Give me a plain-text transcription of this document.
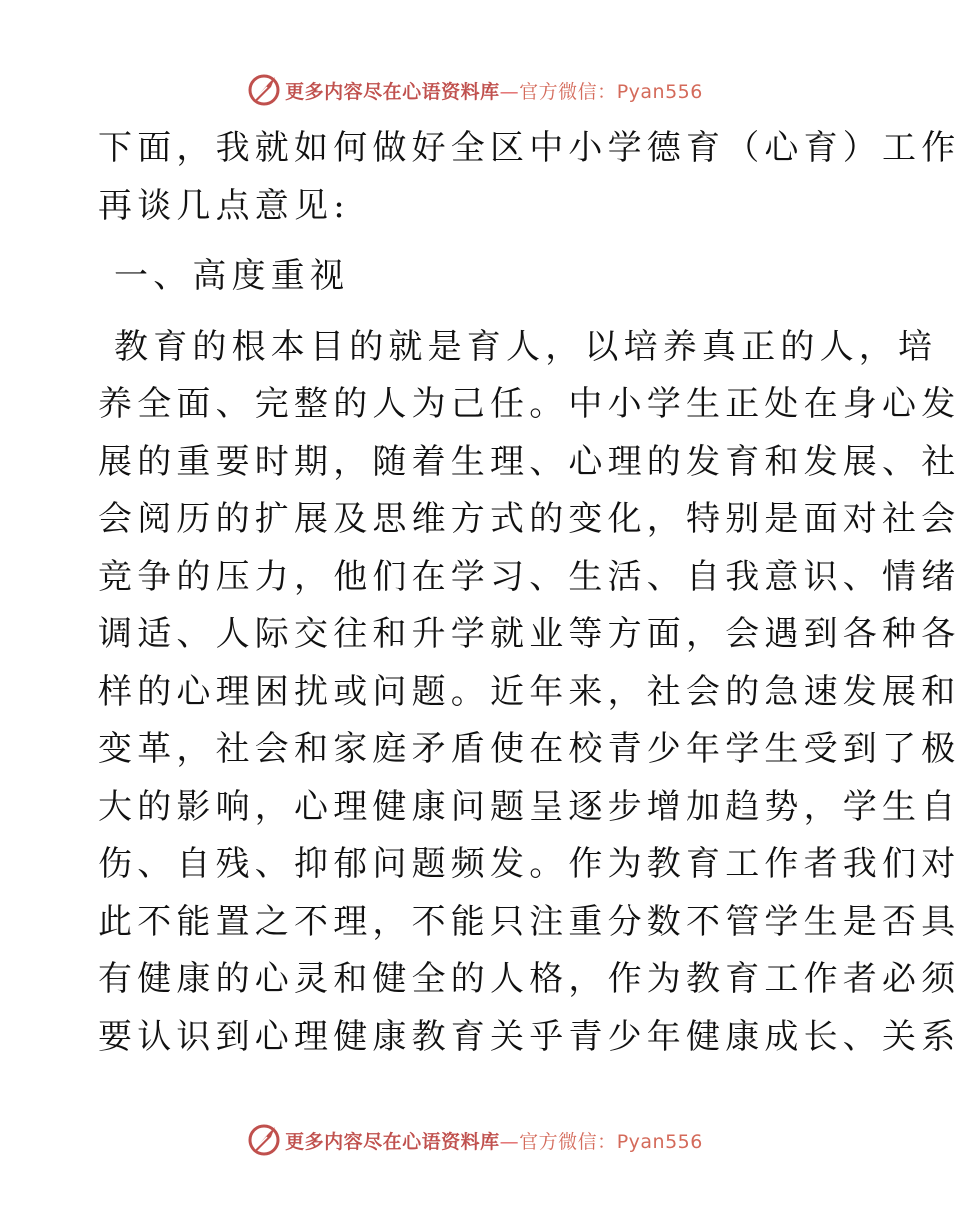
更多内容尽在心语资料库—官方微信：Pyan556
下面，我就如何做好全区中小学德育（心育）工作
再谈几点意见:
一、高度重视
教育的根本目的就是育人，以培养真正的人，培
养全面、完整的人为己任。中小学生正处在身心发
展的重要时期，随着生理、心理的发育和发展、社
会阅历的扩展及思维方式的变化，特别是面对社会
竞争的压力，他们在学习、生活、自我意识、情绪
调适、人际交往和升学就业等方面，会遇到各种各
样的心理困扰或问题。近年来，社会的急速发展和
变革，社会和家庭矛盾使在校青少年学生受到了极
大的影响，心理健康问题呈逐步增加趋势，学生自
伤、自残、抑郁问题频发。作为教育工作者我们对
此不能置之不理，不能只注重分数不管学生是否具
有健康的心灵和健全的人格，作为教育工作者必须
要认识到心理健康教育关乎青少年健康成长、关系
更多内容尽在心语资料库—官方微信：Pyan556
